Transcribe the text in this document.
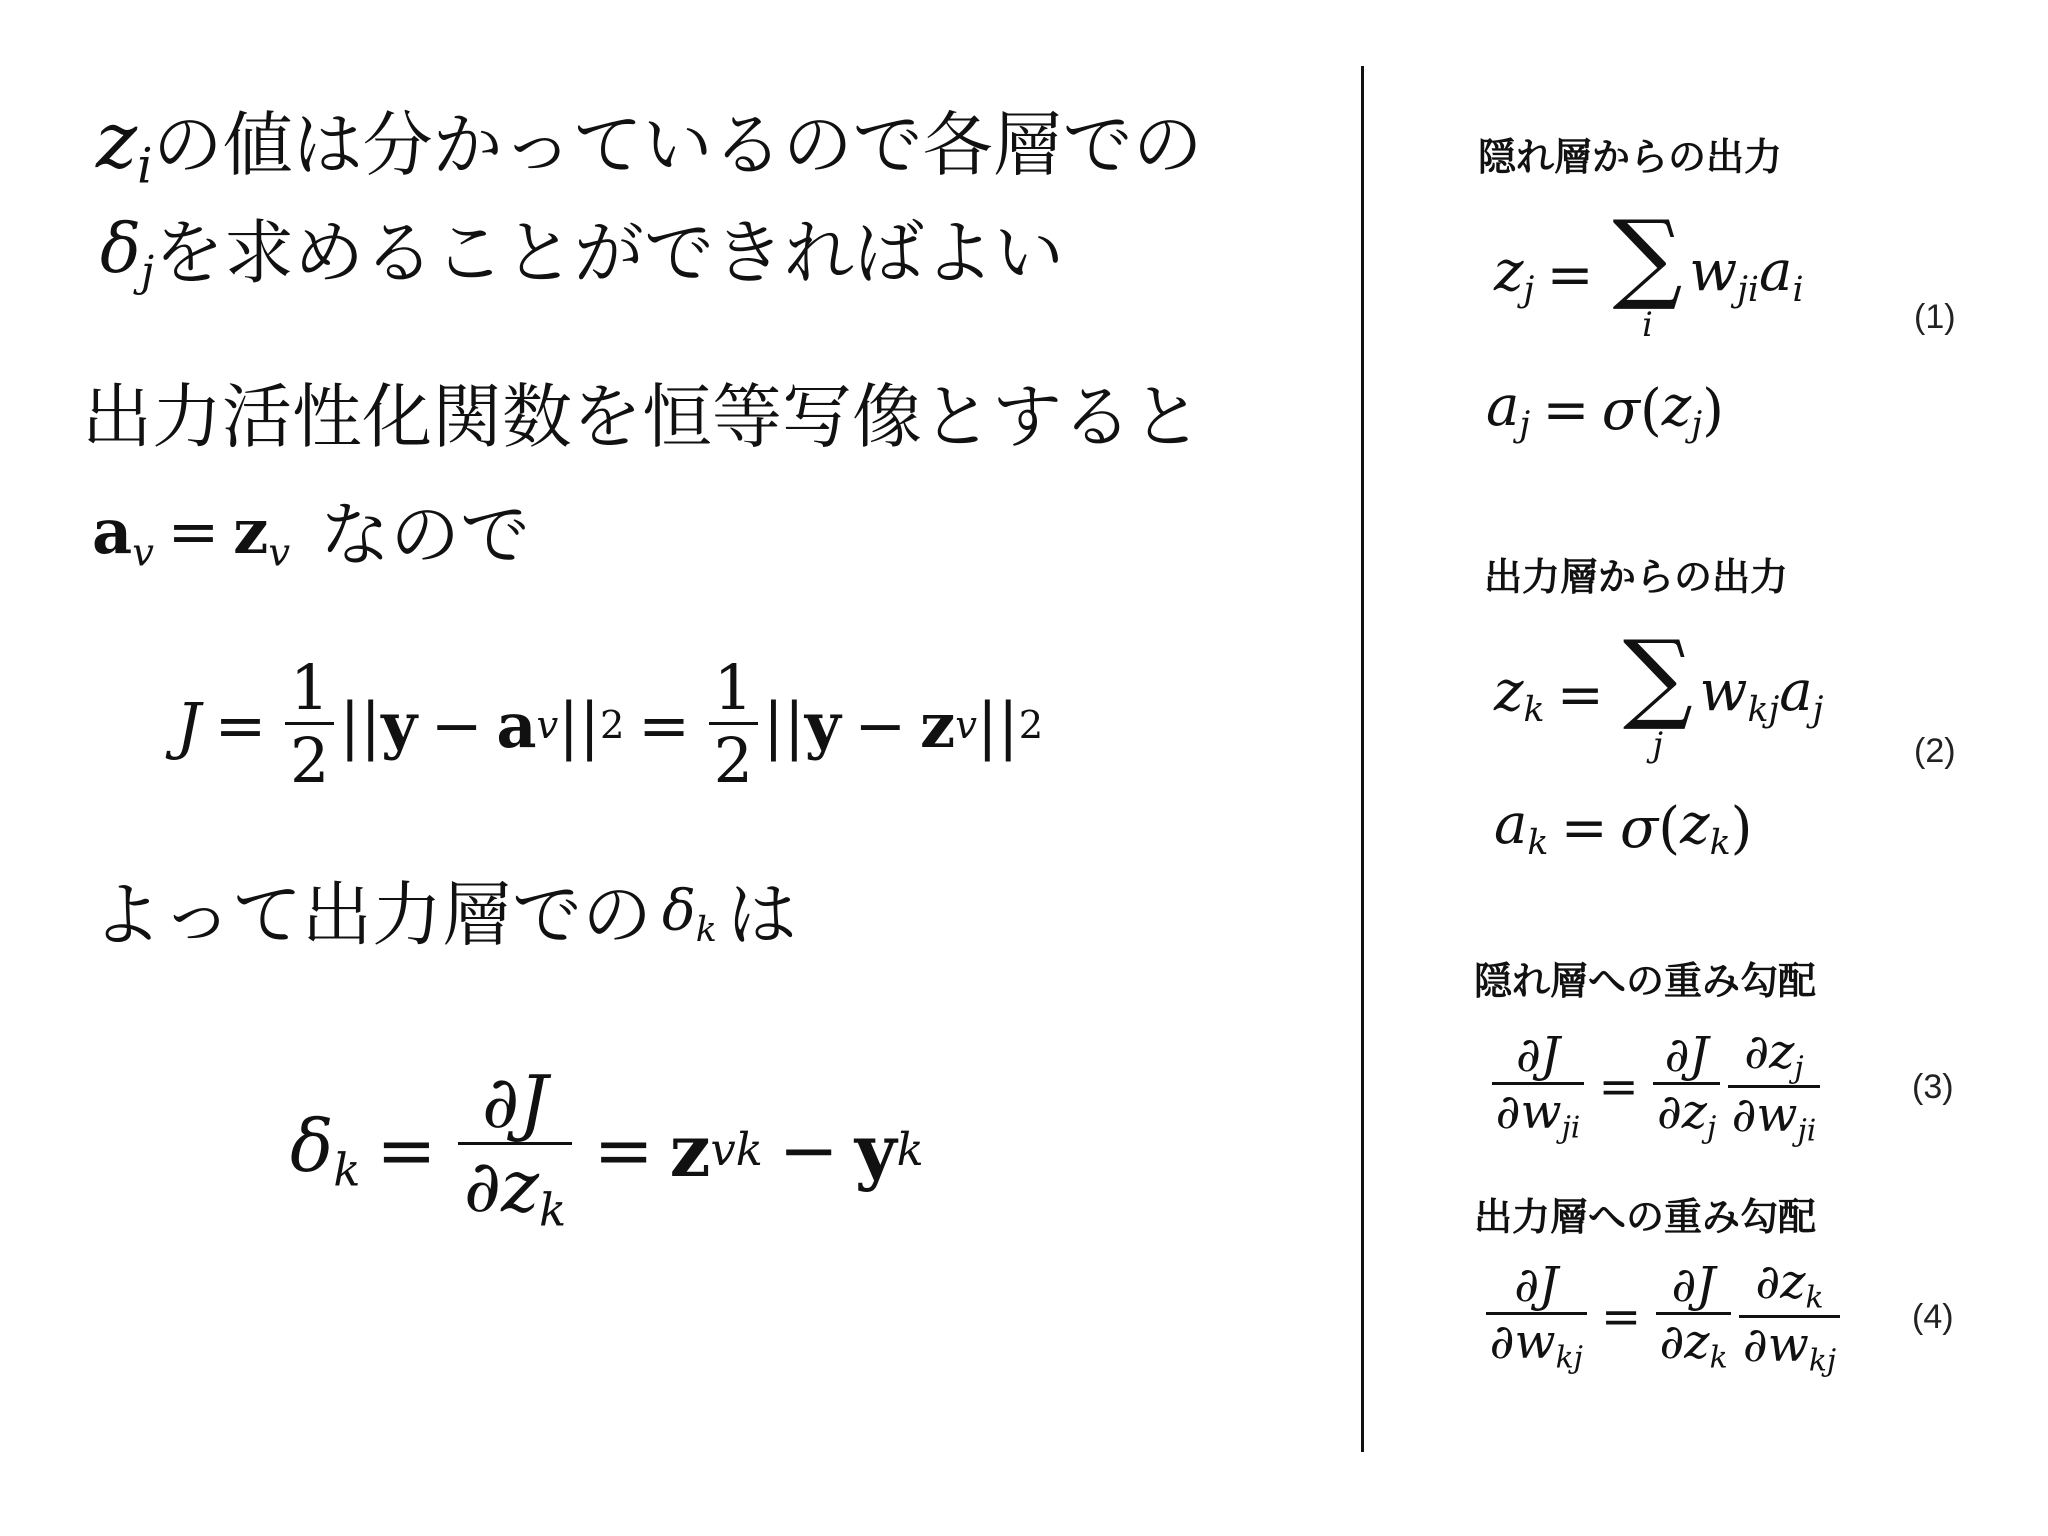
$z_i$ の値は分かっているので各層での
$\delta_j$ を求めることができればよい
出力活性化関数を恒等写像とすると
$a_v = z_v$ なので
$J = \frac{1}{2}$ || y − a v || $2 = \frac{1}{2}$ || y − z v || 2
よって出力層での $\delta_k$ は
$\delta_k = \frac{\partial J}{\partial z_k} = z$ vk − y k
隠れ層からの出力
$z_j$ = ∑
i
$w_{ji}a_i$
$a_j = \sigma$ ( $z_j$ )
(1)
出力層からの出力
$z_k$ = ∑
j
$w_{kj}a_j$
$a_k = \sigma$ ( $z_k$ )
(2)
隠れ層への重み勾配
$\frac{\partial J}{\partial w_{ji}} = \frac{\partial J}{\partial z_j} \frac{\partial z_j}{\partial w_{ji}}$	(3)
出力層への重み勾配
$\frac{\partial J}{\partial w_{kj}} = \frac{\partial J}{\partial z_k} \frac{\partial z_k}{\partial w_{kj}} (4)$
